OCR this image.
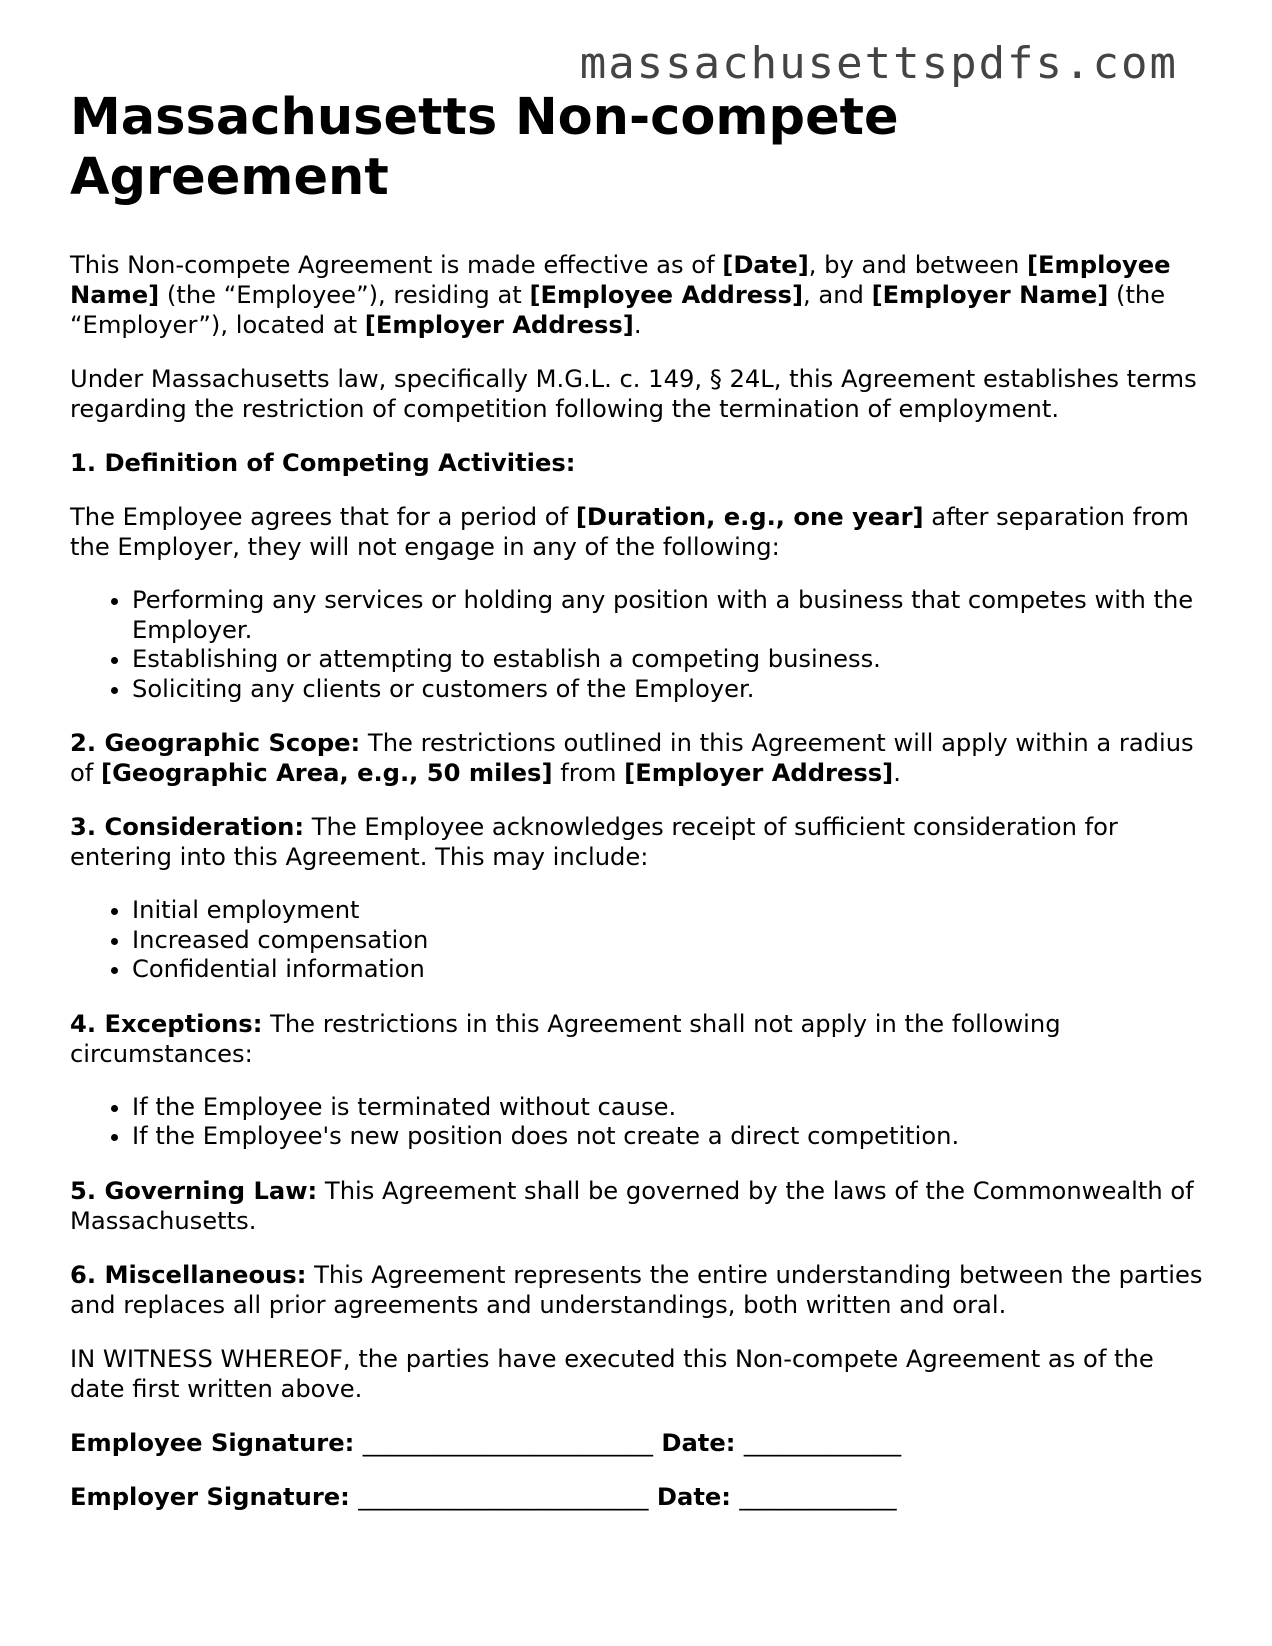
massachusettspdfs.com
Massachusetts Non-compete Agreement

This Non-compete Agreement is made effective as of [Date], by and between [Employee Name] (the “Employee”), residing at [Employee Address], and [Employer Name] (the “Employer”), located at [Employer Address].

Under Massachusetts law, specifically M.G.L. c. 149, § 24L, this Agreement establishes terms regarding the restriction of competition following the termination of employment.

1. Definition of Competing Activities:

The Employee agrees that for a period of [Duration, e.g., one year] after separation from the Employer, they will not engage in any of the following:

• Performing any services or holding any position with a business that competes with the Employer.
• Establishing or attempting to establish a competing business.
• Soliciting any clients or customers of the Employer.

2. Geographic Scope: The restrictions outlined in this Agreement will apply within a radius of [Geographic Area, e.g., 50 miles] from [Employer Address].

3. Consideration: The Employee acknowledges receipt of sufficient consideration for entering into this Agreement. This may include:

• Initial employment
• Increased compensation
• Confidential information

4. Exceptions: The restrictions in this Agreement shall not apply in the following circumstances:

• If the Employee is terminated without cause.
• If the Employee's new position does not create a direct competition.

5. Governing Law: This Agreement shall be governed by the laws of the Commonwealth of Massachusetts.

6. Miscellaneous: This Agreement represents the entire understanding between the parties and replaces all prior agreements and understandings, both written and oral.

IN WITNESS WHEREOF, the parties have executed this Non-compete Agreement as of the date first written above.

Employee Signature: ________________________ Date: _____________
Employer Signature: ________________________ Date: _____________
